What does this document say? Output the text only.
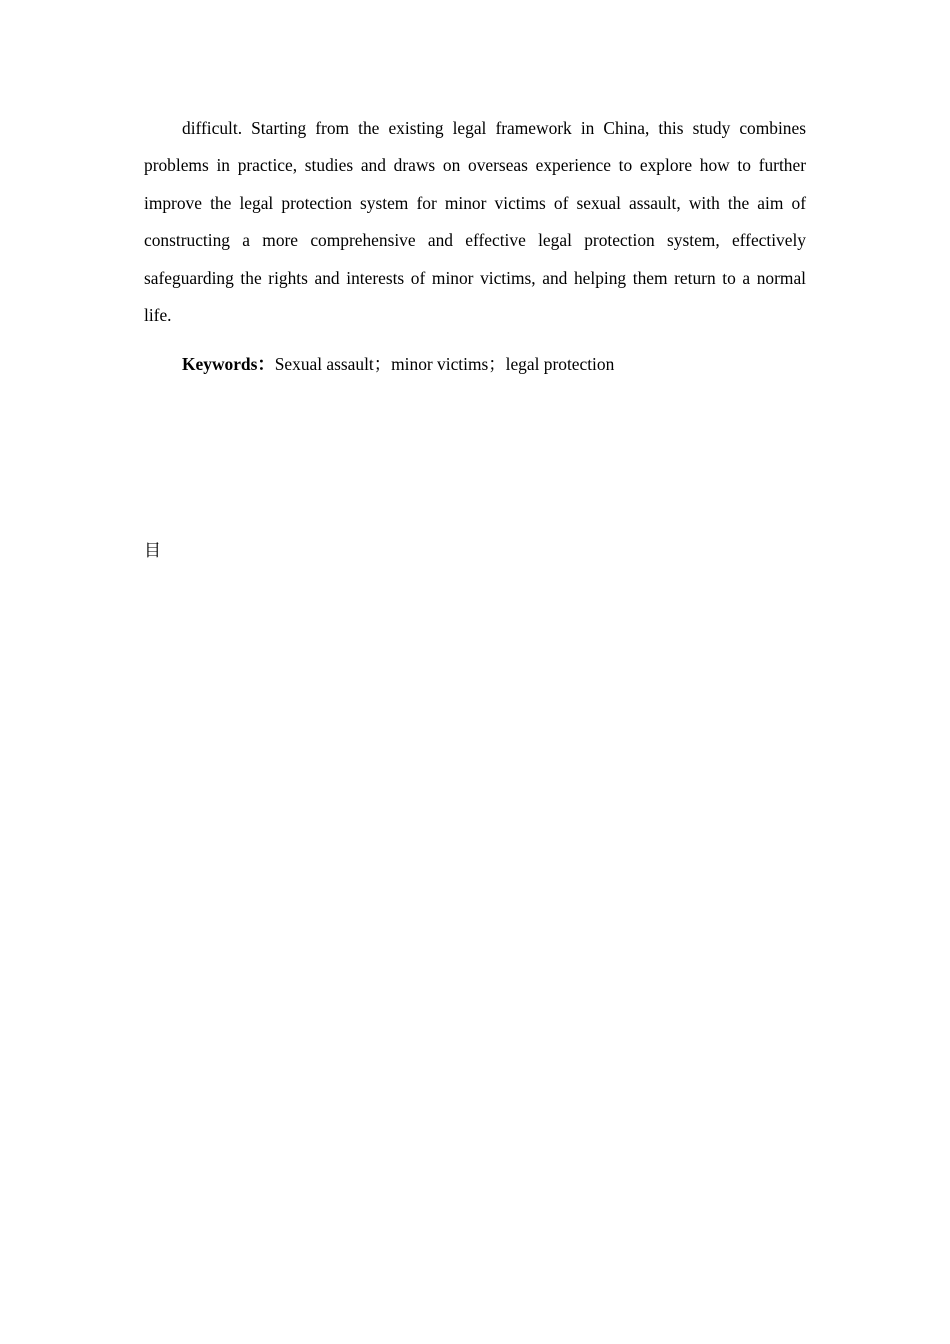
difficult. Starting from the existing legal framework in China, this study combines problems in practice, studies and draws on overseas experience to explore how to further improve the legal protection system for minor victims of sexual assault, with the aim of constructing a more comprehensive and effective legal protection system, effectively safeguarding the rights and interests of minor victims, and helping them return to a normal life.

Keywords：Sexual assault；minor victims；legal protection

目
